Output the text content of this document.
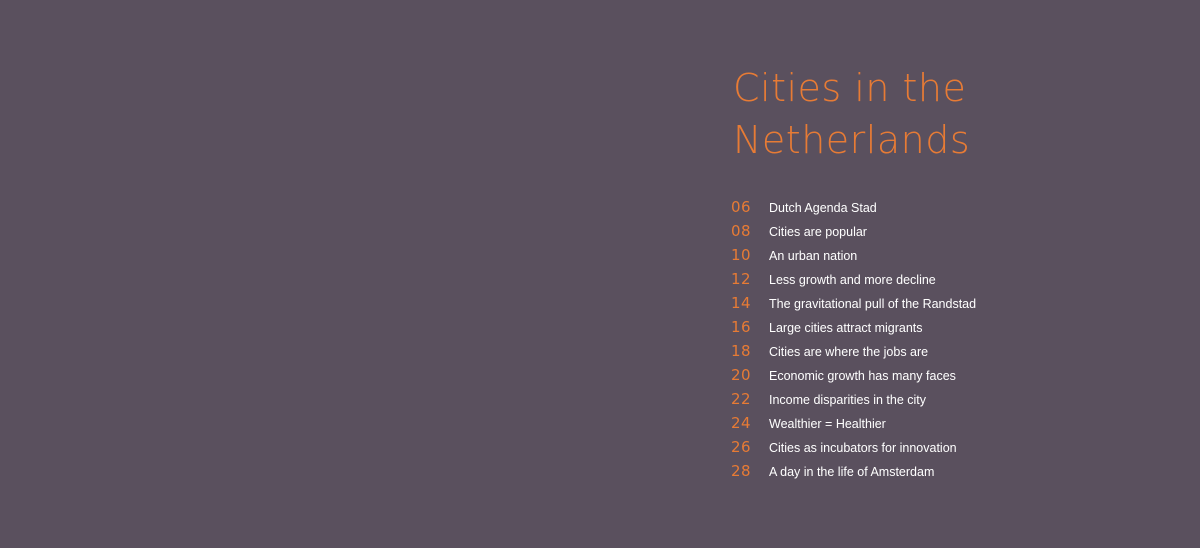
Cities in the
Netherlands
06	Dutch Agenda Stad
08	Cities are popular
10	An urban nation
12	Less growth and more decline
14	The gravitational pull of the Randstad
16	Large cities attract migrants
18	Cities are where the jobs are
20	Economic growth has many faces
22	Income disparities in the city
24	Wealthier = Healthier
26	Cities as incubators for innovation
28	A day in the life of Amsterdam
